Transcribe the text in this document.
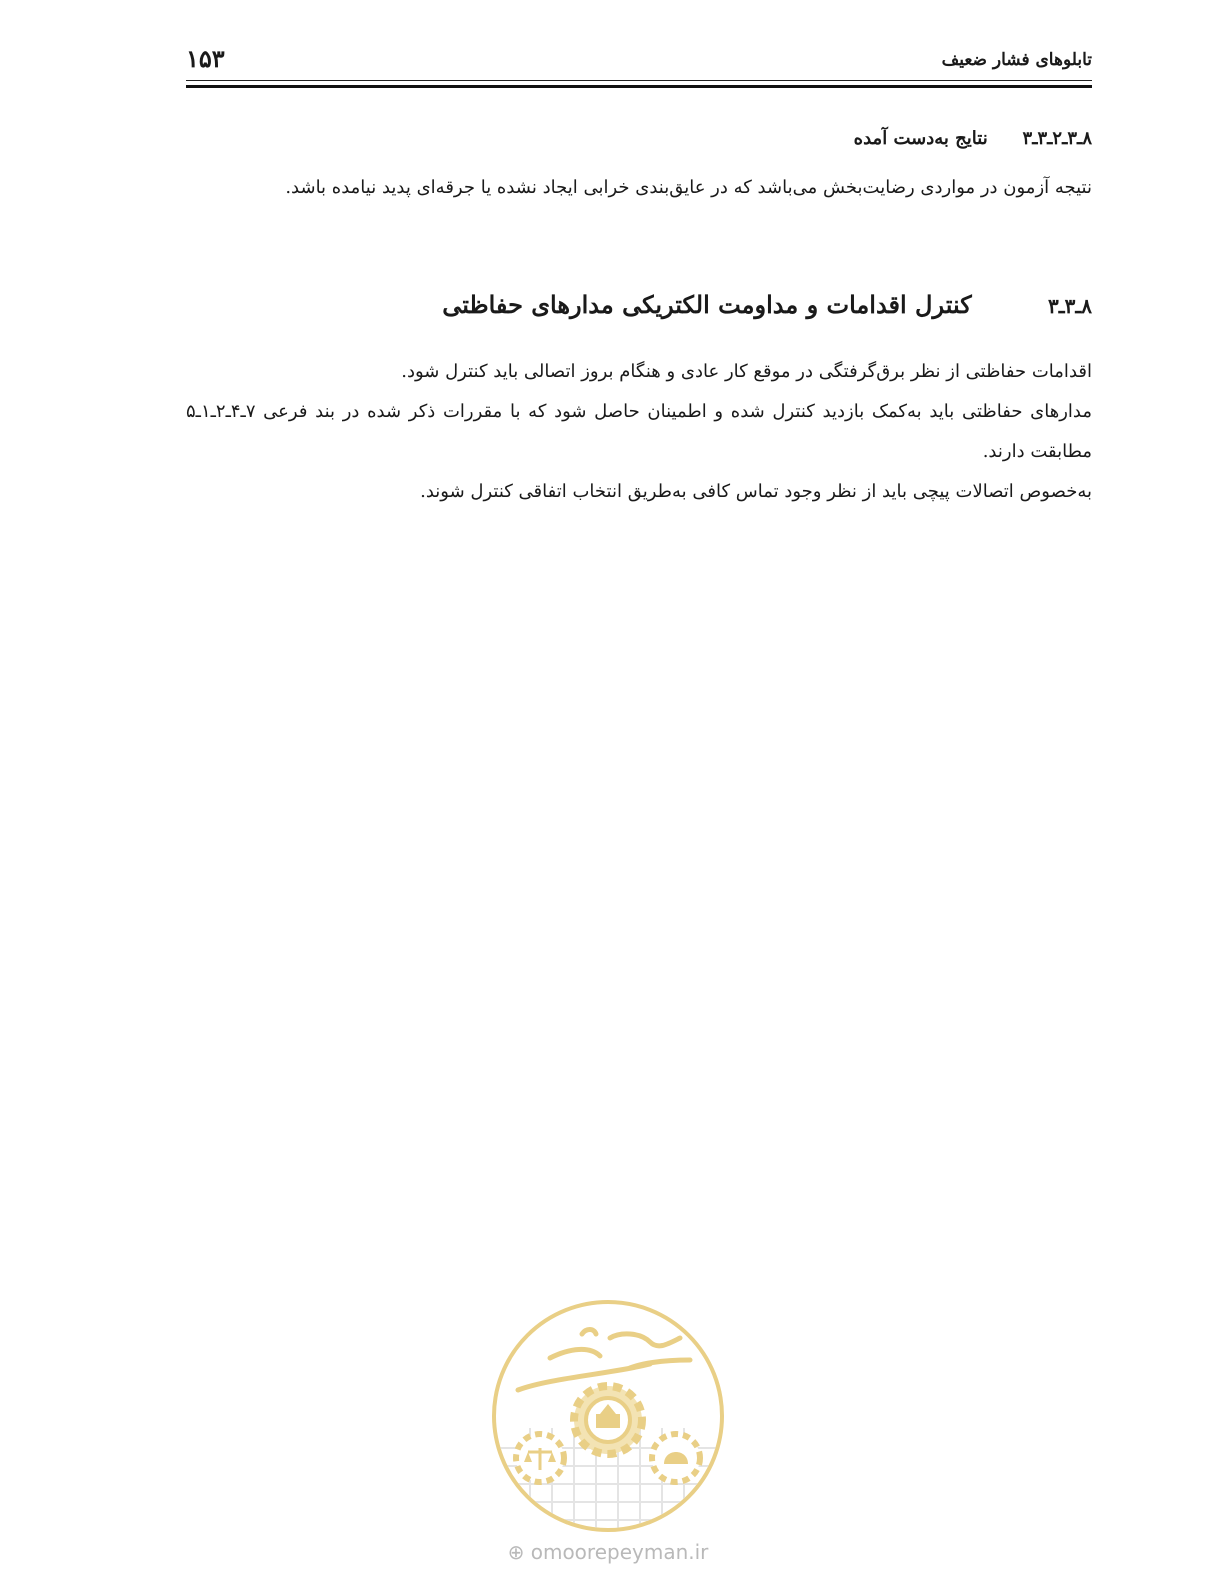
تابلوهای فشار ضعیف
۱۵۳
۸ـ۳ـ۲ـ۳ـ۳ نتایج به‌دست آمده

نتیجه آزمون در مواردی رضایت‌بخش می‌باشد که در عایق‌بندی خرابی ایجاد نشده یا جرقه‌ای پدید نیامده باشد.

۸ـ۳ـ۳ کنترل اقدامات و مداومت الکتریکی مدارهای حفاظتی

اقدامات حفاظتی از نظر برق‌گرفتگی در موقع کار عادی و هنگام بروز اتصالی باید کنترل شود.

مدارهای حفاظتی باید به‌کمک بازدید کنترل شده و اطمینان حاصل شود که با مقررات ذکر شده در بند فرعی ۷ـ۴ـ۲ـ۱ـ۵ مطابقت دارند.

به‌خصوص اتصالات پیچی باید از نظر وجود تماس کافی به‌طریق انتخاب اتفاقی کنترل شوند.

⊕ omoorepeyman.ir
